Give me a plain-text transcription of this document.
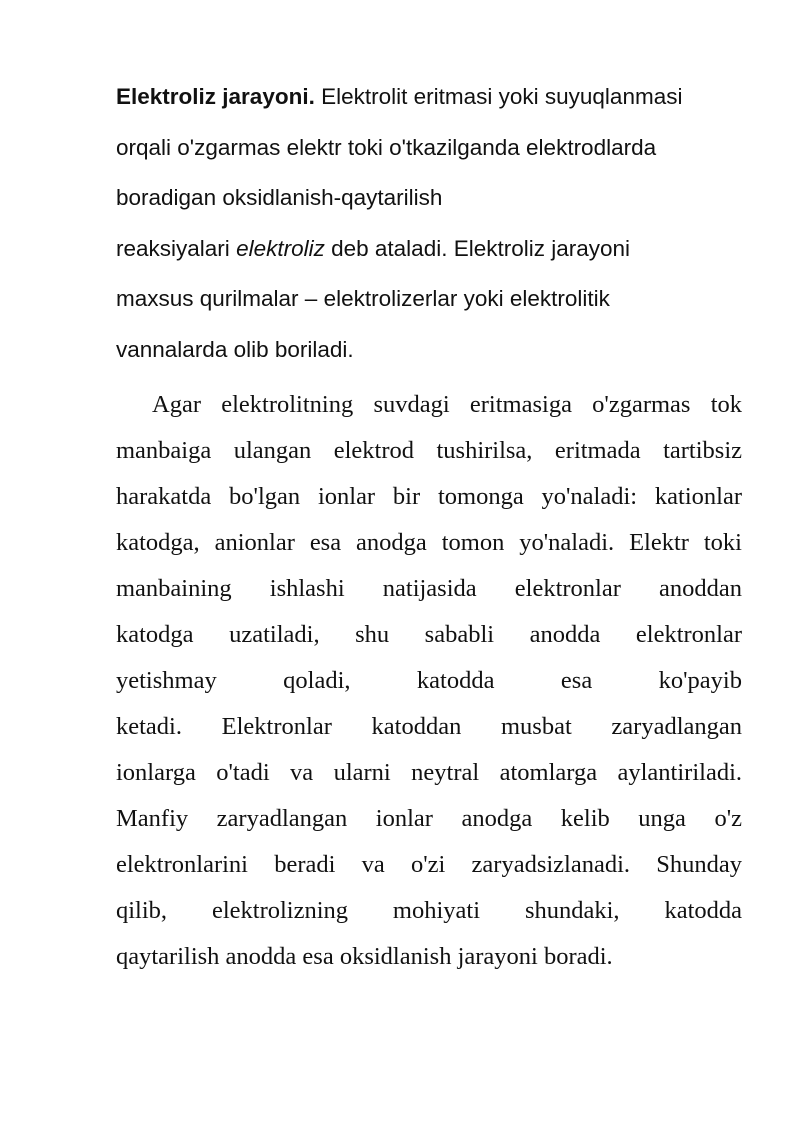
Elektroliz jarayoni. Elektrolit eritmasi yoki suyuqlanmasi
orqali o'zgarmas elektr toki o'tkazilganda elektrodlarda
boradigan oksidlanish-qaytarilish
reaksiyalari elektroliz deb ataladi. Elektroliz jarayoni
maxsus qurilmalar – elektrolizerlar yoki elektrolitik
vannalarda olib boriladi.
Agar elektrolitning suvdagi eritmasiga o'zgarmas tok
manbaiga ulangan elektrod tushirilsa, eritmada tartibsiz
harakatda bo'lgan ionlar bir tomonga yo'naladi: kationlar
katodga, anionlar esa anodga tomon yo'naladi. Elektr toki
manbaining ishlashi natijasida elektronlar anoddan
katodga uzatiladi, shu sababli anodda elektronlar
yetishmay qoladi, katodda esa ko'payib
ketadi. Elektronlar katoddan musbat zaryadlangan
ionlarga o'tadi va ularni neytral atomlarga aylantiriladi.
Manfiy zaryadlangan ionlar anodga kelib unga o'z
elektronlarini beradi va o'zi zaryadsizlanadi. Shunday
qilib, elektrolizning mohiyati shundaki, katodda
qaytarilish anodda esa oksidlanish jarayoni boradi.
